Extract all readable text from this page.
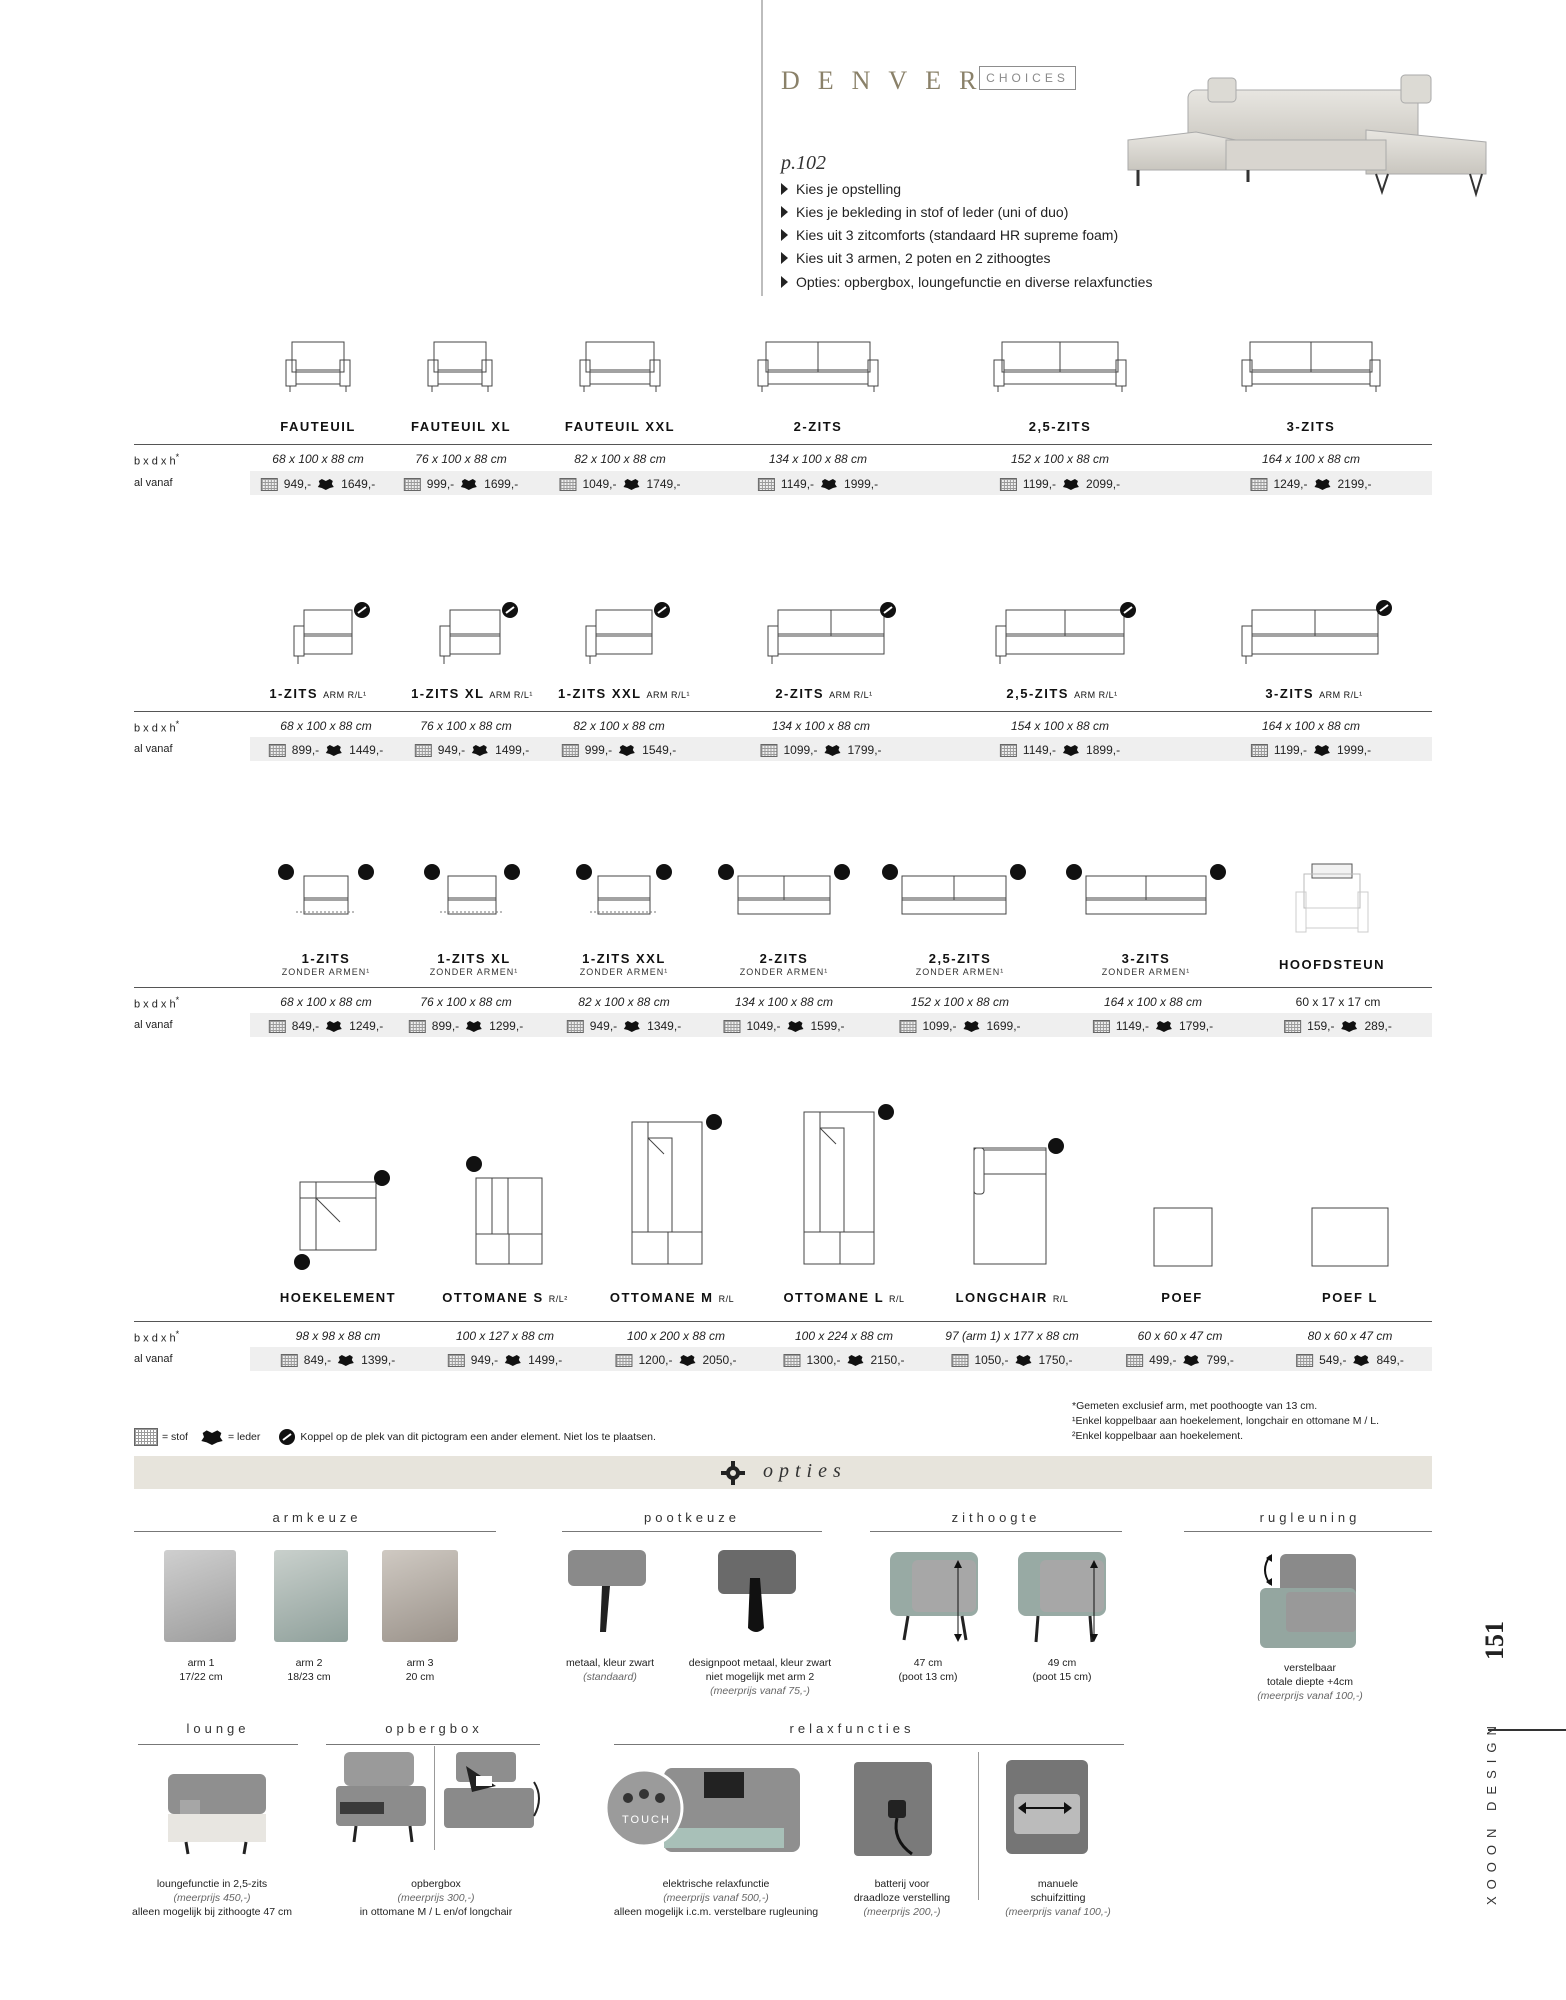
DENVER
CHOICES
p.102
Kies je opstelling
Kies je bekleding in stof of leder (uni of duo)
Kies uit 3 zitcomforts (standaard HR supreme foam)
Kies uit 3 armen, 2 poten en 2 zithoogtes
Opties: opbergbox, loungefunctie en diverse relaxfuncties
FAUTEUIL	FAUTEUIL XL	FAUTEUIL XXL	2-ZITS	2,5-ZITS	3-ZITS
b x d x h*
al vanaf
68 x 100 x 88 cm	76 x 100 x 88 cm	82 x 100 x 88 cm	134 x 100 x 88 cm	152 x 100 x 88 cm	164 x 100 x 88 cm
949,-	1649,-	999,-	1699,-	1049,-	1749,-	1149,-	1999,-	1199,-	2099,-	1249,-	2199,-
1-ZITS ARM R/L¹	1-ZITS XL ARM R/L¹ 1-ZITS XXL ARM R/L¹	2-ZITS ARM R/L¹	2,5-ZITS ARM R/L¹	3-ZITS ARM R/L¹
b x d x h*
al vanaf
68 x 100 x 88 cm	76 x 100 x 88 cm	82 x 100 x 88 cm	134 x 100 x 88 cm	154 x 100 x 88 cm	164 x 100 x 88 cm
899,-	1449,-	949,-	1499,-	999,-	1549,-	1099,-	1799,-	1149,-	1899,-	1199,-	1999,-
1-ZITS
ZONDER ARMEN¹
1-ZITS XL
ZONDER ARMEN¹
1-ZITS XXL
ZONDER ARMEN¹
2-ZITS
ZONDER ARMEN¹
2,5-ZITS
ZONDER ARMEN¹
3-ZITS
ZONDER ARMEN¹	HOOFDSTEUN
b x d x h*
al vanaf
68 x 100 x 88 cm	76 x 100 x 88 cm	82 x 100 x 88 cm	134 x 100 x 88 cm	152 x 100 x 88 cm	164 x 100 x 88 cm	60 x 17 x 17 cm
849,-	1249,-	899,-	1299,-	949,-	1349,-	1049,-	1599,-	1099,-	1699,-	1149,-	1799,-	159,-	289,-
HOEKELEMENT	OTTOMANE S R/L²	OTTOMANE M R/L	OTTOMANE L R/L	LONGCHAIR R/L	POEF	POEF L
b x d x h*
al vanaf
98 x 98 x 88 cm	100 x 127 x 88 cm	100 x 200 x 88 cm	100 x 224 x 88 cm	97 (arm 1) x 177 x 88 cm	60 x 60 x 47 cm	80 x 60 x 47 cm
849,-	1399,-	949,-	1499,-	1200,-	2050,-	1300,-	2150,-	1050,-	1750,-	499,-	799,-	549,-	849,-
= stof	= leder	Koppel op de plek van dit pictogram een ander element. Niet los te plaatsen.
*Gemeten exclusief arm, met poothoogte van 13 cm.
¹Enkel koppelbaar aan hoekelement, longchair en ottomane M / L.
²Enkel koppelbaar aan hoekelement.
opties
armkeuze
arm 1
17/22 cm
arm 2
18/23 cm
arm 3
20 cm
pootkeuze
metaal, kleur zwart
(standaard)
designpoot metaal, kleur zwart
niet mogelijk met arm 2
(meerprijs vanaf 75,-)
zithoogte
47 cm
(poot 13 cm)
49 cm
(poot 15 cm)
rugleuning
verstelbaar
totale diepte +4cm
(meerprijs vanaf 100,-)
lounge
loungefunctie in 2,5-zits
(meerprijs 450,-)
alleen mogelijk bij zithoogte 47 cm
opbergbox
opbergbox
(meerprijs 300,-)
in ottomane M / L en/of longchair
relaxfuncties
TOUCH
elektrische relaxfunctie
(meerprijs vanaf 500,-)
alleen mogelijk i.c.m. verstelbare rugleuning
batterij voor
draadloze verstelling
(meerprijs 200,-)
manuele
schuifzitting
(meerprijs vanaf 100,-)
151
XOOON DESIGN
